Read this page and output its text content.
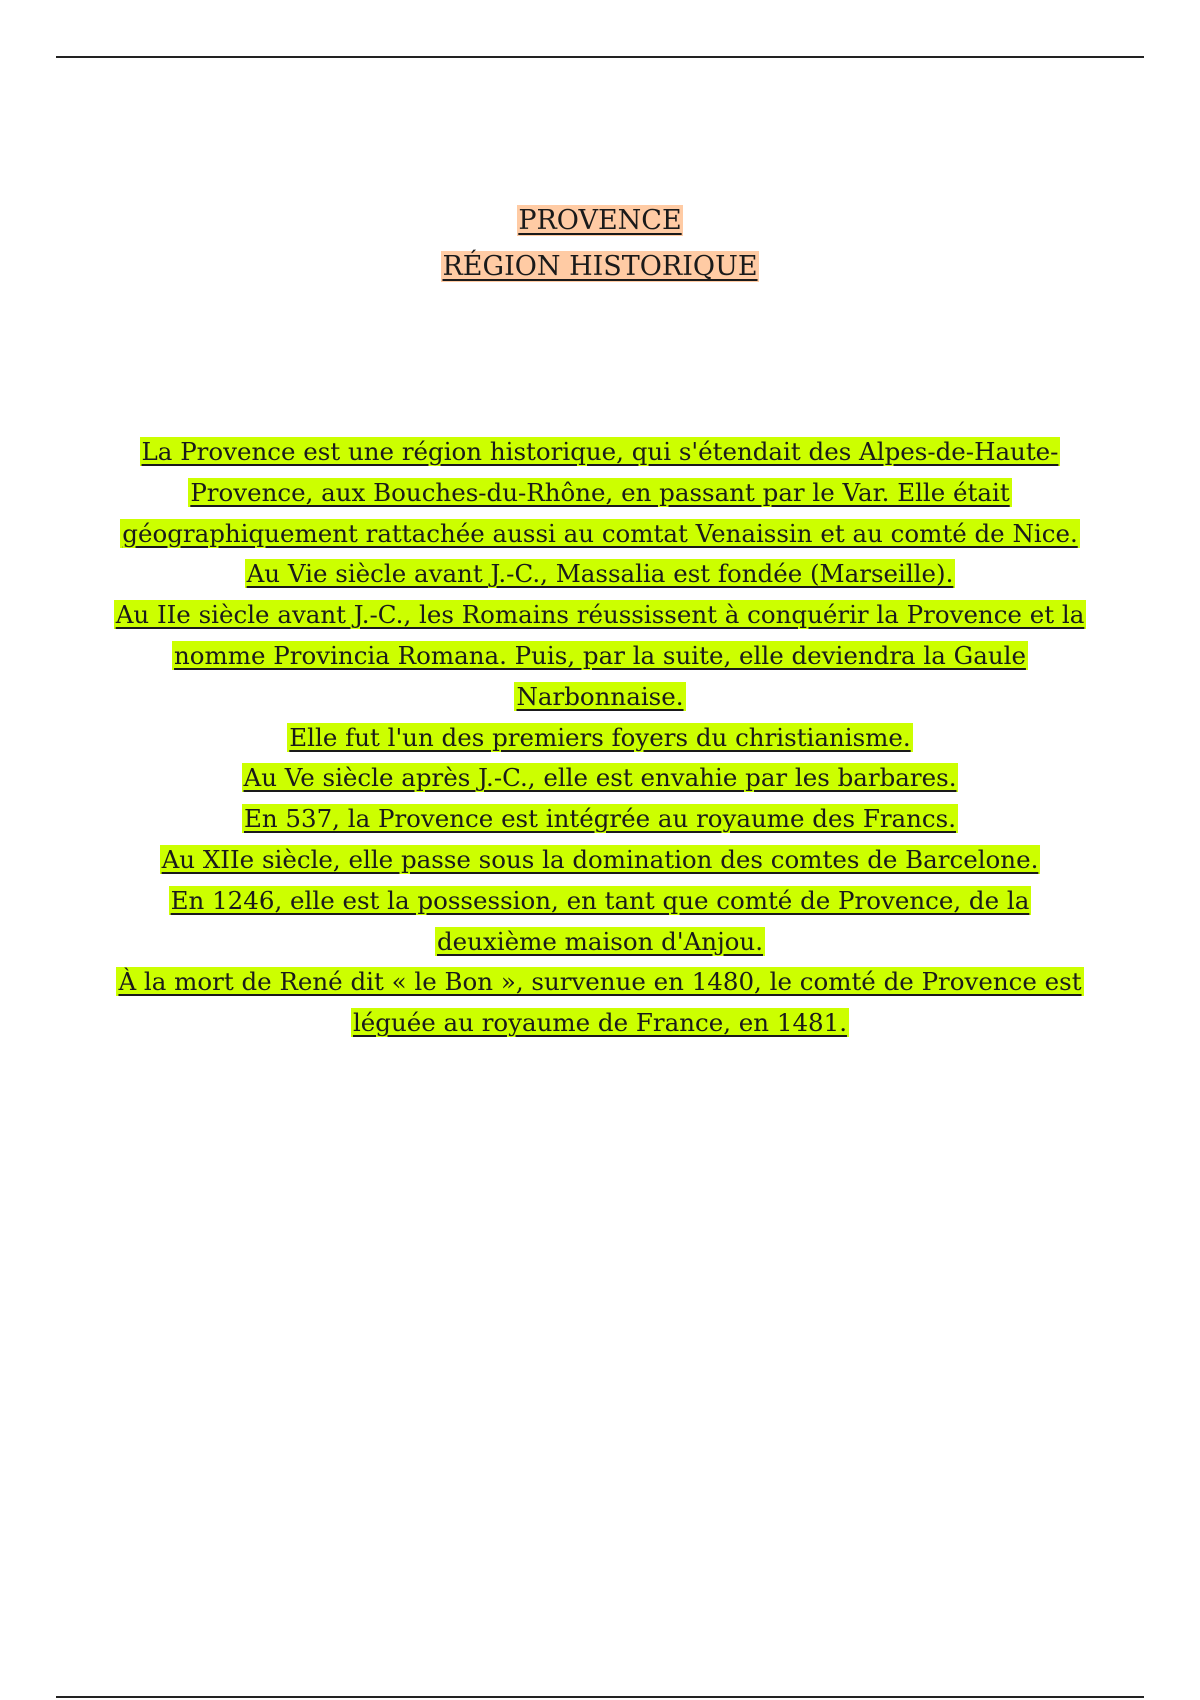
PROVENCE
RÉGION HISTORIQUE

La Provence est une région historique, qui s'étendait des Alpes-de-Haute-Provence, aux Bouches-du-Rhône, en passant par le Var. Elle était géographiquement rattachée aussi au comtat Venaissin et au comté de Nice.

Au Vie siècle avant J.-C., Massalia est fondée (Marseille).

Au IIe siècle avant J.-C., les Romains réussissent à conquérir la Provence et la nomme Provincia Romana. Puis, par la suite, elle deviendra la Gaule Narbonnaise.

Elle fut l'un des premiers foyers du christianisme.

Au Ve siècle après J.-C., elle est envahie par les barbares.

En 537, la Provence est intégrée au royaume des Francs.

Au XIIe siècle, elle passe sous la domination des comtes de Barcelone.

En 1246, elle est la possession, en tant que comté de Provence, de la deuxième maison d'Anjou.

À la mort de René dit « le Bon », survenue en 1480, le comté de Provence est léguée au royaume de France, en 1481.
